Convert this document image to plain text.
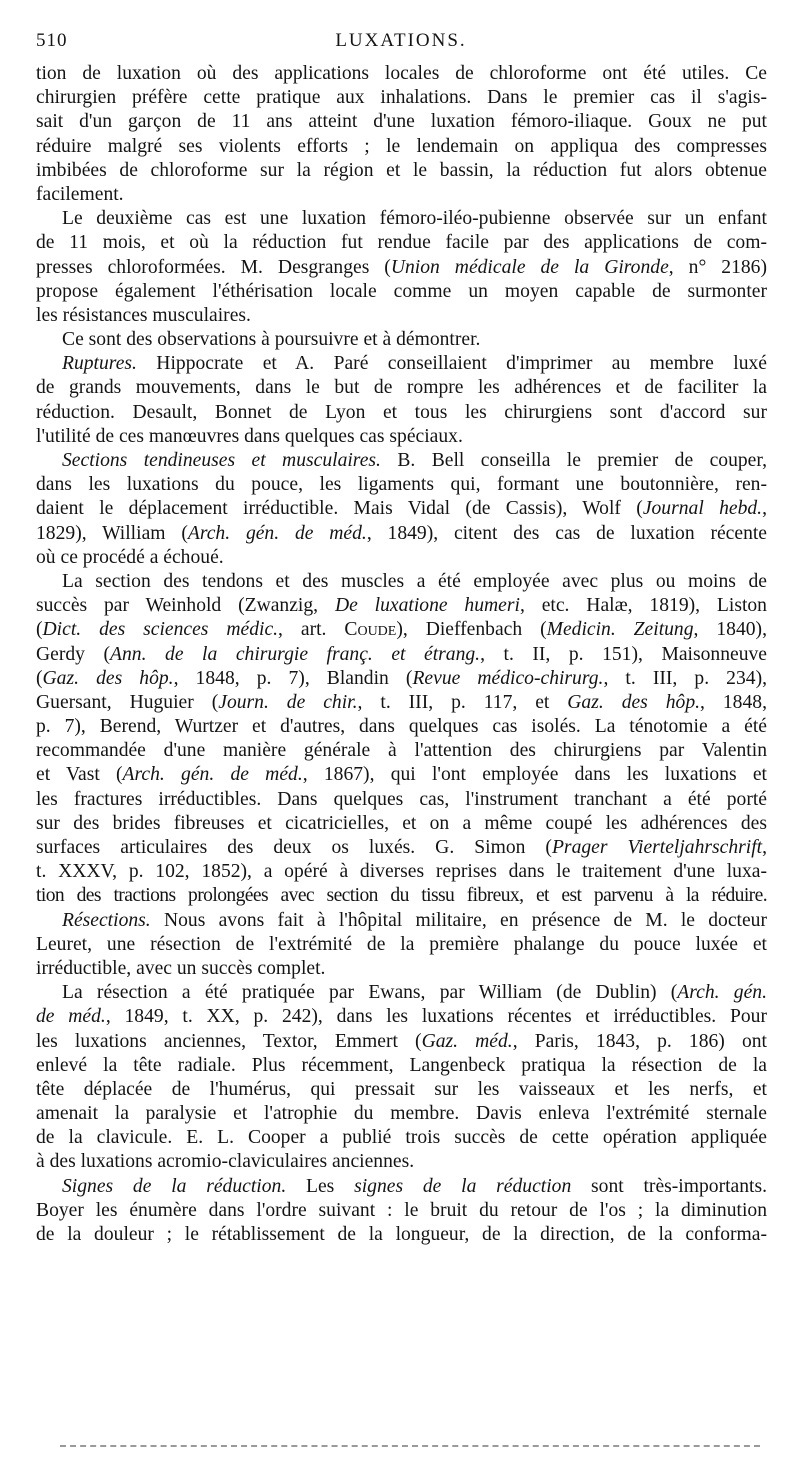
510	LUXATIONS.
tion de luxation où des applications locales de chloroforme ont été utiles. Ce
chirurgien préfère cette pratique aux inhalations. Dans le premier cas il s'agis-
sait d'un garçon de 11 ans atteint d'une luxation fémoro-iliaque. Goux ne put
réduire malgré ses violents efforts ; le lendemain on appliqua des compresses
imbibées de chloroforme sur la région et le bassin, la réduction fut alors obtenue
facilement.
Le deuxième cas est une luxation fémoro-iléo-pubienne observée sur un enfant
de 11 mois, et où la réduction fut rendue facile par des applications de com-
presses chloroformées. M. Desgranges (Union médicale de la Gironde, n° 2186)
propose également l'éthérisation locale comme un moyen capable de surmonter
les résistances musculaires.
Ce sont des observations à poursuivre et à démontrer.
Ruptures. Hippocrate et A. Paré conseillaient d'imprimer au membre luxé
de grands mouvements, dans le but de rompre les adhérences et de faciliter la
réduction. Desault, Bonnet de Lyon et tous les chirurgiens sont d'accord sur
l'utilité de ces manœuvres dans quelques cas spéciaux.
Sections tendineuses et musculaires. B. Bell conseilla le premier de couper,
dans les luxations du pouce, les ligaments qui, formant une boutonnière, ren-
daient le déplacement irréductible. Mais Vidal (de Cassis), Wolf (Journal hebd.,
1829), William (Arch. gén. de méd., 1849), citent des cas de luxation récente
où ce procédé a échoué.
La section des tendons et des muscles a été employée avec plus ou moins de
succès par Weinhold (Zwanzig, De luxatione humeri, etc. Halæ, 1819), Liston
(Dict. des sciences médic., art. Coude), Dieffenbach (Medicin. Zeitung, 1840),
Gerdy (Ann. de la chirurgie franç. et étrang., t. II, p. 151), Maisonneuve
(Gaz. des hôp., 1848, p. 7), Blandin (Revue médico-chirurg., t. III, p. 234),
Guersant, Huguier (Journ. de chir., t. III, p. 117, et Gaz. des hôp., 1848,
p. 7), Berend, Wurtzer et d'autres, dans quelques cas isolés. La ténotomie a été
recommandée d'une manière générale à l'attention des chirurgiens par Valentin
et Vast (Arch. gén. de méd., 1867), qui l'ont employée dans les luxations et
les fractures irréductibles. Dans quelques cas, l'instrument tranchant a été porté
sur des brides fibreuses et cicatricielles, et on a même coupé les adhérences des
surfaces articulaires des deux os luxés. G. Simon (Prager Vierteljahrschrift,
t. XXXV, p. 102, 1852), a opéré à diverses reprises dans le traitement d'une luxa-
tion des tractions prolongées avec section du tissu fibreux, et est parvenu à la réduire.
Résections. Nous avons fait à l'hôpital militaire, en présence de M. le docteur
Leuret, une résection de l'extrémité de la première phalange du pouce luxée et
irréductible, avec un succès complet.
La résection a été pratiquée par Ewans, par William (de Dublin) (Arch. gén.
de méd., 1849, t. XX, p. 242), dans les luxations récentes et irréductibles. Pour
les luxations anciennes, Textor, Emmert (Gaz. méd., Paris, 1843, p. 186) ont
enlevé la tête radiale. Plus récemment, Langenbeck pratiqua la résection de la
tête déplacée de l'humérus, qui pressait sur les vaisseaux et les nerfs, et
amenait la paralysie et l'atrophie du membre. Davis enleva l'extrémité sternale
de la clavicule. E. L. Cooper a publié trois succès de cette opération appliquée
à des luxations acromio-claviculaires anciennes.
Signes de la réduction. Les signes de la réduction sont très-importants.
Boyer les énumère dans l'ordre suivant : le bruit du retour de l'os ; la diminution
de la douleur ; le rétablissement de la longueur, de la direction, de la conforma-
